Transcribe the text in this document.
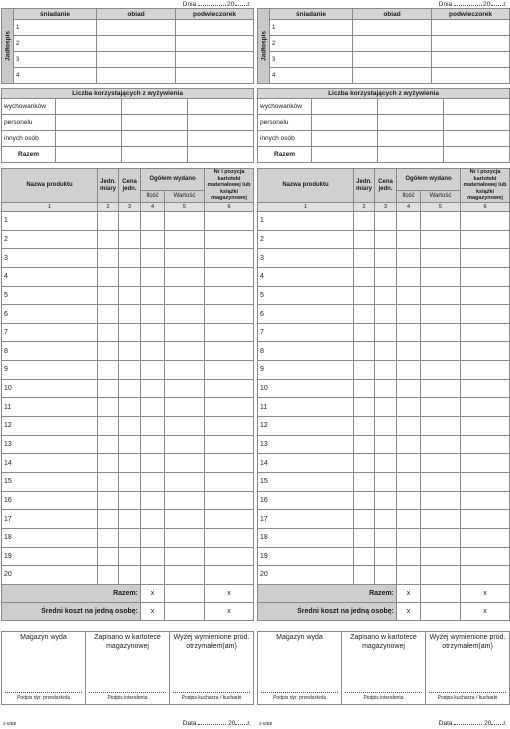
Dnia	20 r.
Jadłospis	śniadanie	obiad	podwieczorek
	1		
	2		
	3		
	4		
Liczba korzystających z wyżywienia			
wychowanków			
personelu			
innych osób			
Razem			
Nazwa produktu	Jedn. miary	Cena jedn.	Ogółem wydano		Nr i pozycja kartoteki materiałowej lub książki magazynowej
			Ilość	Wartość	
1	2	3	4	5	6
1					
2					
3					
4					
5					
6					
7					
8					
9					
10					
11					
12					
13					
14					
15					
16					
17					
18					
19					
20					
Razem:			x		x
Średni koszt na jedną osobę:			x		x
Magazyn wyda
Podpis dyr. przedszkola
	Zapisano w kartotece magazynowej
Podpis intendenta
	Wyżej wymienione prod. otrzymałem(am)
Podpis kucharza / kucharki
2-6/B5	Data	20 r.
Dnia	20 r.
Jadłospis	śniadanie	obiad	podwieczorek
	1		
	2		
	3		
	4		
Liczba korzystających z wyżywienia			
wychowanków			
personelu			
innych osób			
Razem			
Nazwa produktu	Jedn. miary	Cena jedn.	Ogółem wydano		Nr i pozycja kartoteki materiałowej lub książki magazynowej
			Ilość	Wartość	
1	2	3	4	5	6
1					
2					
3					
4					
5					
6					
7					
8					
9					
10					
11					
12					
13					
14					
15					
16					
17					
18					
19					
20					
Razem:			x		x
Średni koszt na jedną osobę:			x		x
Magazyn wyda
Podpis dyr. przedszkola
	Zapisano w kartotece magazynowej
Podpis intendenta
	Wyżej wymienione prod. otrzymałem(am)
Podpis kucharza / kucharki
2-6/B5	Data	20 r.
